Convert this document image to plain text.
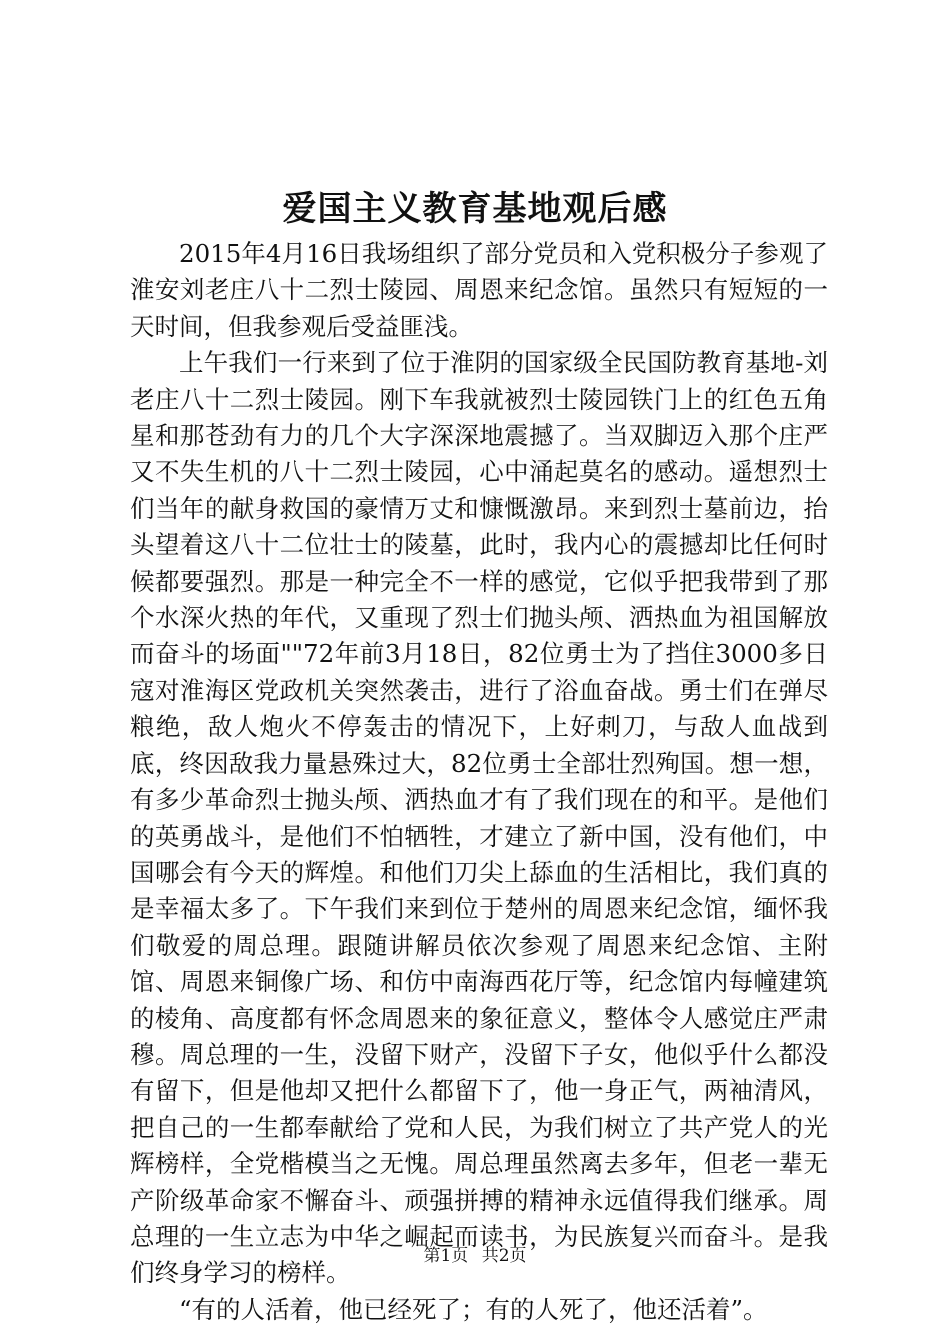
爱国主义教育基地观后感

2015年4月16日我场组织了部分党员和入党积极分子参观了淮安刘老庄八十二烈士陵园、周恩来纪念馆。虽然只有短短的一天时间，但我参观后受益匪浅。

上午我们一行来到了位于淮阴的国家级全民国防教育基地-刘老庄八十二烈士陵园。刚下车我就被烈士陵园铁门上的红色五角星和那苍劲有力的几个大字深深地震撼了。当双脚迈入那个庄严又不失生机的八十二烈士陵园，心中涌起莫名的感动。遥想烈士们当年的献身救国的豪情万丈和慷慨激昂。来到烈士墓前边，抬头望着这八十二位壮士的陵墓，此时，我内心的震撼却比任何时候都要强烈。那是一种完全不一样的感觉，它似乎把我带到了那个水深火热的年代，又重现了烈士们抛头颅、洒热血为祖国解放而奋斗的场面""72年前3月18日，82位勇士为了挡住3000多日寇对淮海区党政机关突然袭击，进行了浴血奋战。勇士们在弹尽粮绝，敌人炮火不停轰击的情况下，上好刺刀，与敌人血战到底，终因敌我力量悬殊过大，82位勇士全部壮烈殉国。想一想，有多少革命烈士抛头颅、洒热血才有了我们现在的和平。是他们的英勇战斗，是他们不怕牺牲，才建立了新中国，没有他们，中国哪会有今天的辉煌。和他们刀尖上舔血的生活相比，我们真的是幸福太多了。下午我们来到位于楚州的周恩来纪念馆，缅怀我们敬爱的周总理。跟随讲解员依次参观了周恩来纪念馆、主附馆、周恩来铜像广场、和仿中南海西花厅等，纪念馆内每幢建筑的棱角、高度都有怀念周恩来的象征意义，整体令人感觉庄严肃穆。周总理的一生，没留下财产，没留下子女，他似乎什么都没有留下，但是他却又把什么都留下了，他一身正气，两袖清风，把自己的一生都奉献给了党和人民，为我们树立了共产党人的光辉榜样，全党楷模当之无愧。周总理虽然离去多年，但老一辈无产阶级革命家不懈奋斗、顽强拼搏的精神永远值得我们继承。周总理的一生立志为中华之崛起而读书，为民族复兴而奋斗。是我们终身学习的榜样。

“有的人活着，他已经死了；有的人死了，他还活着”。

第1页 共2页
